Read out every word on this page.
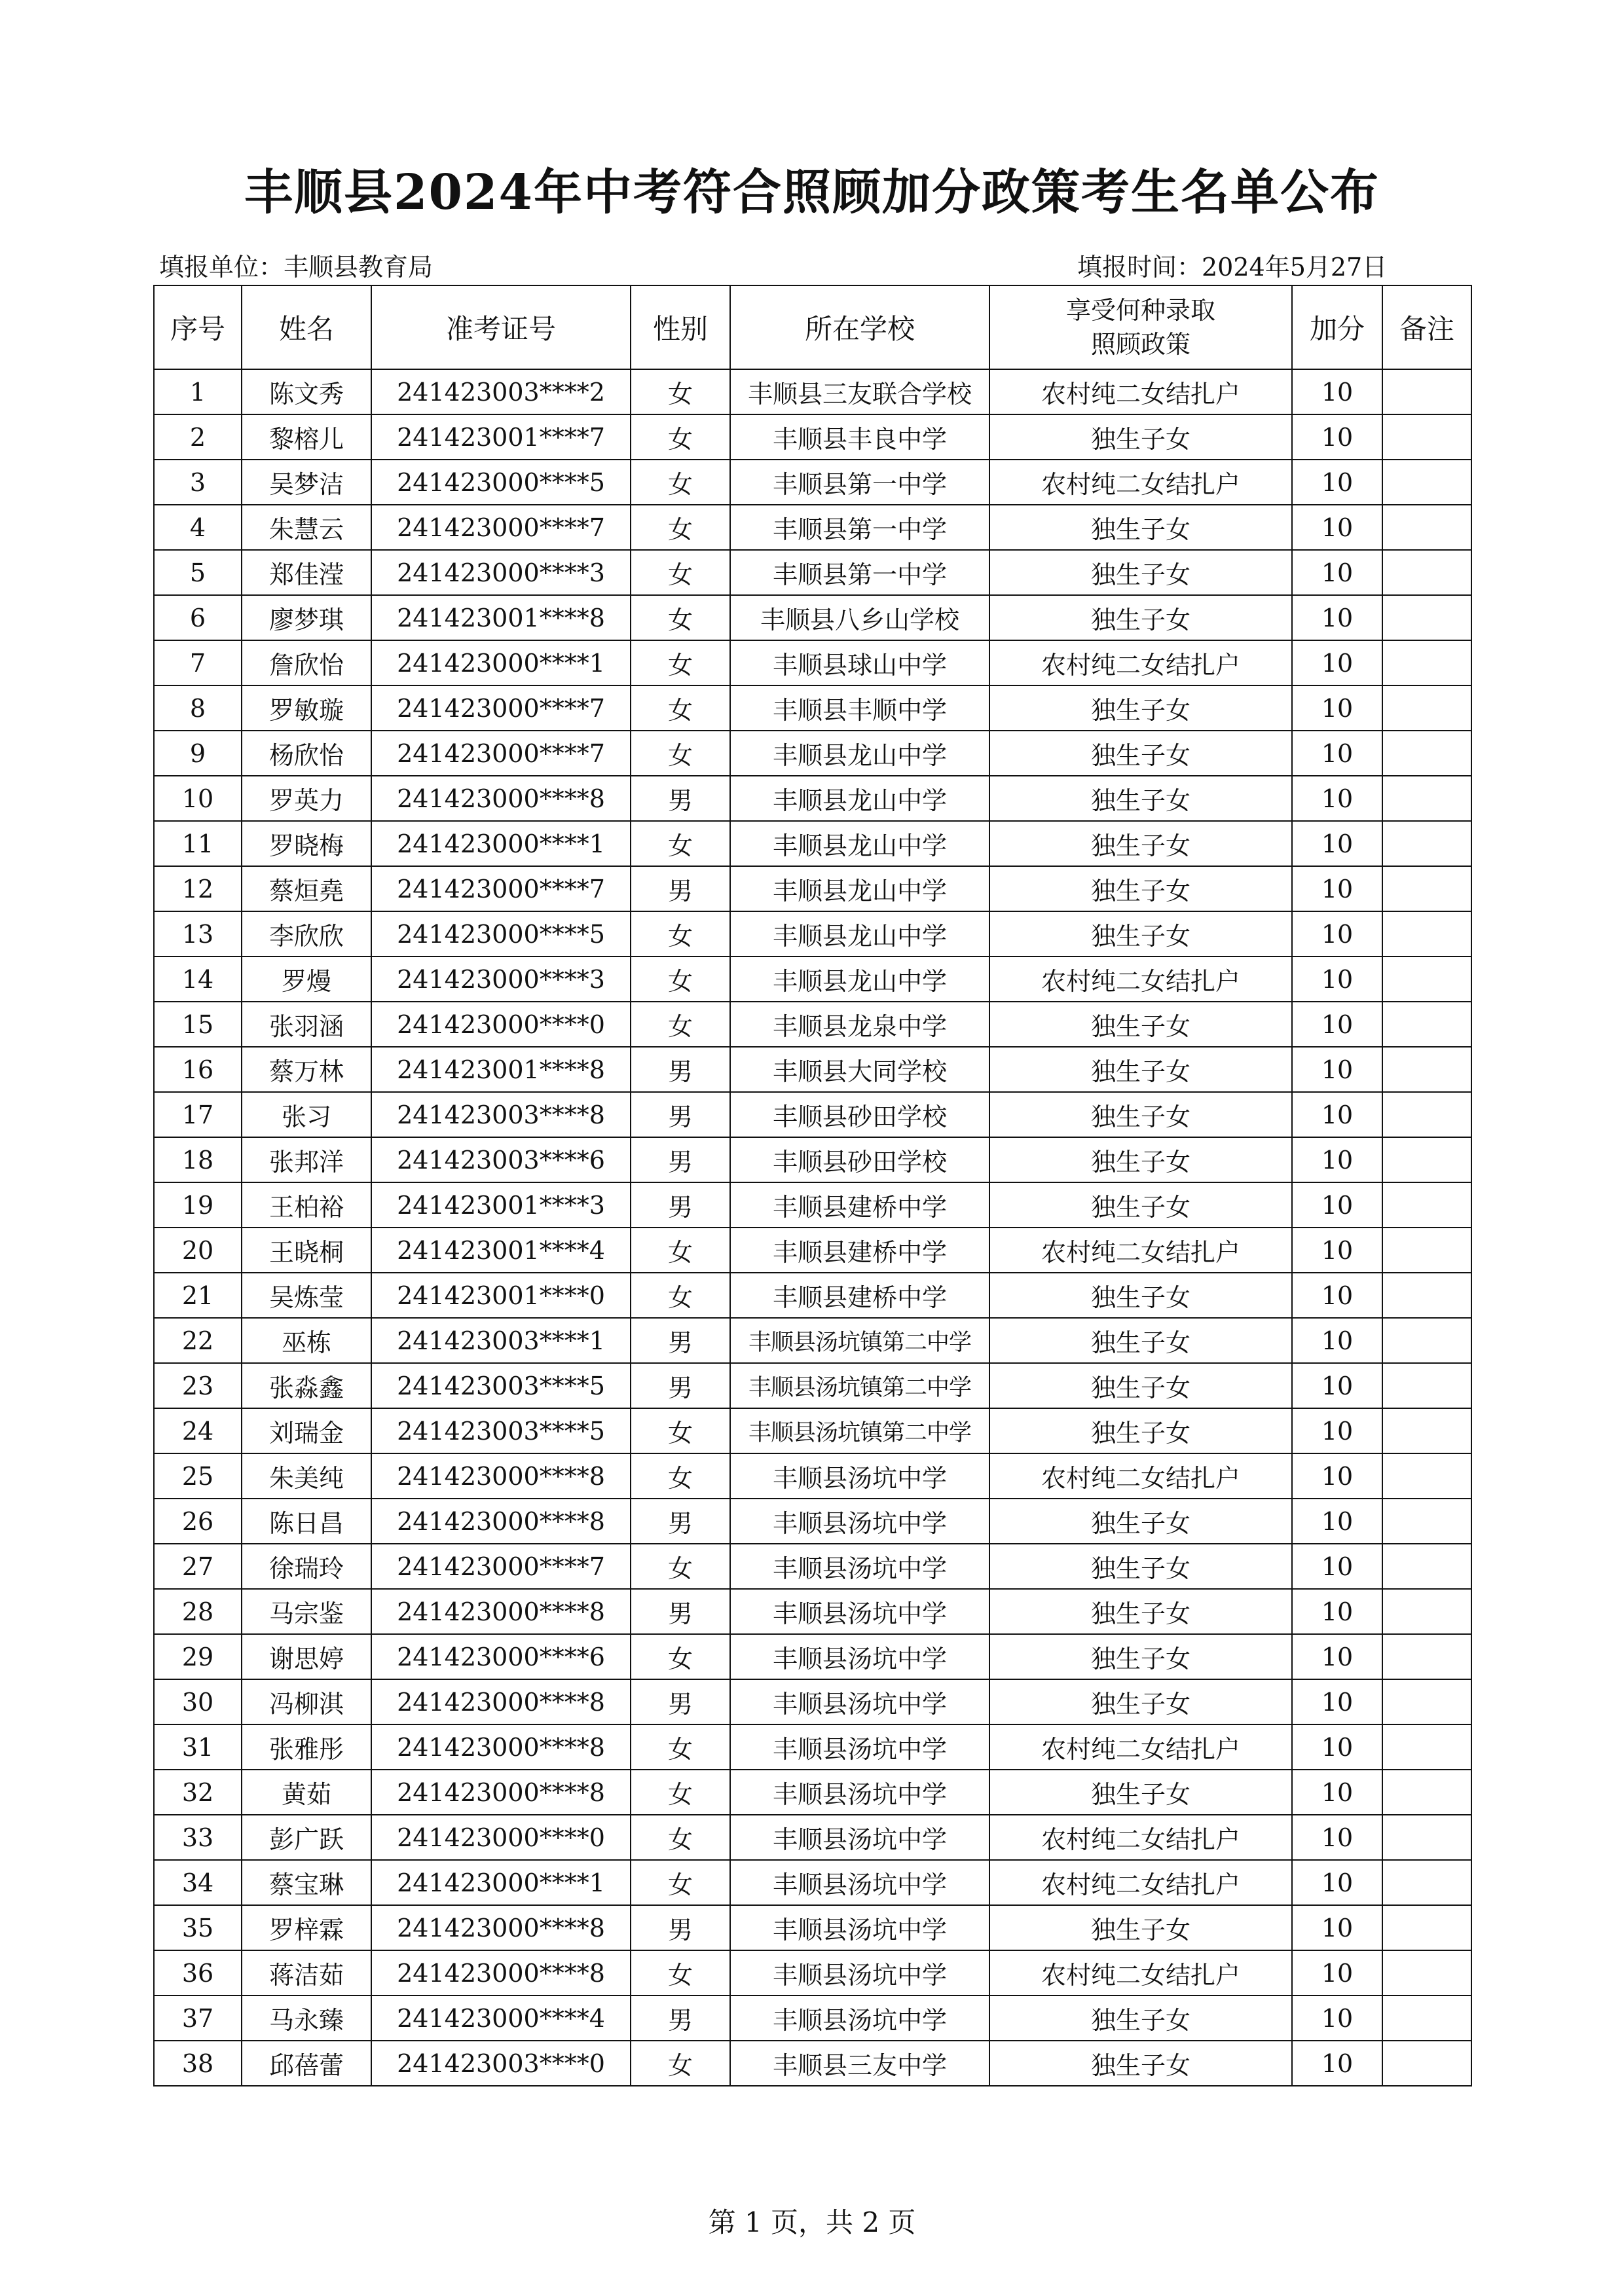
丰顺县2024年中考符合照顾加分政策考生名单公布
填报单位：丰顺县教育局	填报时间：2024年5月27日
序号	姓名	准考证号	性别	所在学校	享受何种录取照顾政策	加分	备注
1	陈文秀	241423003****2	女	丰顺县三友联合学校	农村纯二女结扎户	10	
2	黎榕儿	241423001****7	女	丰顺县丰良中学	独生子女	10	
3	吴梦洁	241423000****5	女	丰顺县第一中学	农村纯二女结扎户	10	
4	朱慧云	241423000****7	女	丰顺县第一中学	独生子女	10	
5	郑佳滢	241423000****3	女	丰顺县第一中学	独生子女	10	
6	廖梦琪	241423001****8	女	丰顺县八乡山学校	独生子女	10	
7	詹欣怡	241423000****1	女	丰顺县球山中学	农村纯二女结扎户	10	
8	罗敏璇	241423000****7	女	丰顺县丰顺中学	独生子女	10	
9	杨欣怡	241423000****7	女	丰顺县龙山中学	独生子女	10	
10	罗英力	241423000****8	男	丰顺县龙山中学	独生子女	10	
11	罗晓梅	241423000****1	女	丰顺县龙山中学	独生子女	10	
12	蔡烜堯	241423000****7	男	丰顺县龙山中学	独生子女	10	
13	李欣欣	241423000****5	女	丰顺县龙山中学	独生子女	10	
14	罗熳	241423000****3	女	丰顺县龙山中学	农村纯二女结扎户	10	
15	张羽涵	241423000****0	女	丰顺县龙泉中学	独生子女	10	
16	蔡万林	241423001****8	男	丰顺县大同学校	独生子女	10	
17	张习	241423003****8	男	丰顺县砂田学校	独生子女	10	
18	张邦洋	241423003****6	男	丰顺县砂田学校	独生子女	10	
19	王柏裕	241423001****3	男	丰顺县建桥中学	独生子女	10	
20	王晓桐	241423001****4	女	丰顺县建桥中学	农村纯二女结扎户	10	
21	吴炼莹	241423001****0	女	丰顺县建桥中学	独生子女	10	
22	巫栋	241423003****1	男	丰顺县汤坑镇第二中学	独生子女	10	
23	张淼鑫	241423003****5	男	丰顺县汤坑镇第二中学	独生子女	10	
24	刘瑞金	241423003****5	女	丰顺县汤坑镇第二中学	独生子女	10	
25	朱美纯	241423000****8	女	丰顺县汤坑中学	农村纯二女结扎户	10	
26	陈日昌	241423000****8	男	丰顺县汤坑中学	独生子女	10	
27	徐瑞玲	241423000****7	女	丰顺县汤坑中学	独生子女	10	
28	马宗鉴	241423000****8	男	丰顺县汤坑中学	独生子女	10	
29	谢思婷	241423000****6	女	丰顺县汤坑中学	独生子女	10	
30	冯柳淇	241423000****8	男	丰顺县汤坑中学	独生子女	10	
31	张雅彤	241423000****8	女	丰顺县汤坑中学	农村纯二女结扎户	10	
32	黄茹	241423000****8	女	丰顺县汤坑中学	独生子女	10	
33	彭广跃	241423000****0	女	丰顺县汤坑中学	农村纯二女结扎户	10	
34	蔡宝琳	241423000****1	女	丰顺县汤坑中学	农村纯二女结扎户	10	
35	罗梓霖	241423000****8	男	丰顺县汤坑中学	独生子女	10	
36	蒋洁茹	241423000****8	女	丰顺县汤坑中学	农村纯二女结扎户	10	
37	马永臻	241423000****4	男	丰顺县汤坑中学	独生子女	10	
38	邱蓓蕾	241423003****0	女	丰顺县三友中学	独生子女	10	
第 1 页，共 2 页
